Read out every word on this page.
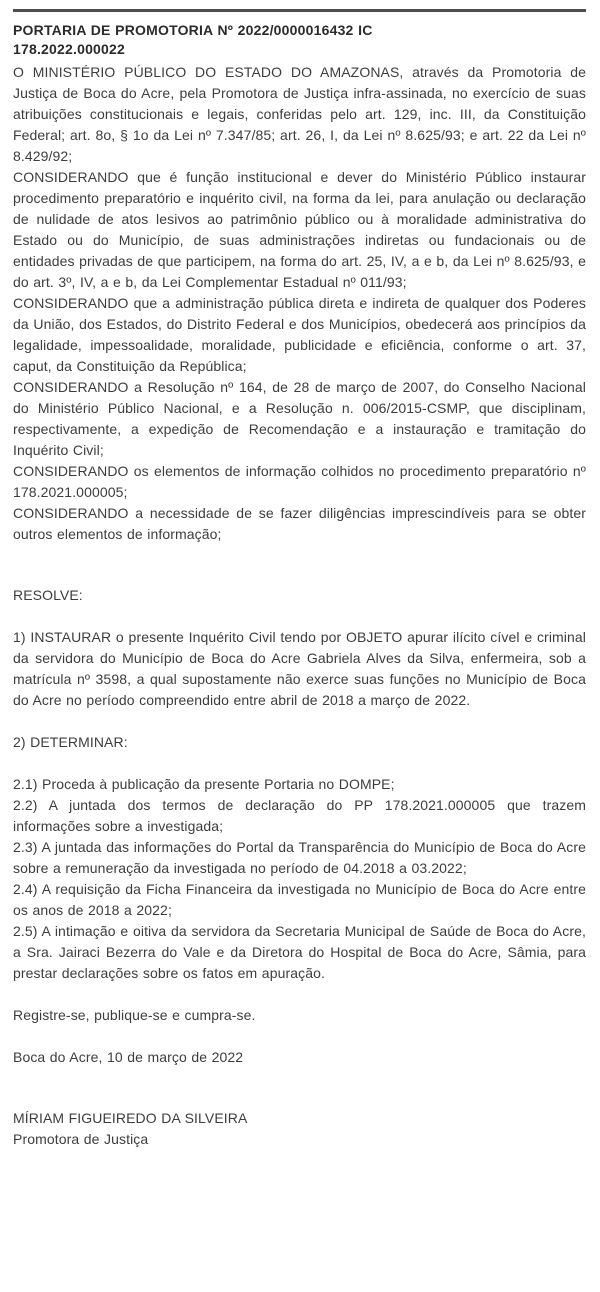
PORTARIA DE PROMOTORIA Nº 2022/0000016432 IC

178.2022.000022

O MINISTÉRIO PÚBLICO DO ESTADO DO AMAZONAS, através da Promotoria de Justiça de Boca do Acre, pela Promotora de Justiça infra-assinada, no exercício de suas atribuições constitucionais e legais, conferidas pelo art. 129, inc. III, da Constituição Federal; art. 8o, § 1o da Lei nº 7.347/85; art. 26, I, da Lei nº 8.625/93; e art. 22 da Lei nº 8.429/92;

CONSIDERANDO que é função institucional e dever do Ministério Público instaurar procedimento preparatório e inquérito civil, na forma da lei, para anulação ou declaração de nulidade de atos lesivos ao patrimônio público ou à moralidade administrativa do Estado ou do Município, de suas administrações indiretas ou fundacionais ou de entidades privadas de que participem, na forma do art. 25, IV, a e b, da Lei nº 8.625/93, e do art. 3º, IV, a e b, da Lei Complementar Estadual nº 011/93;

CONSIDERANDO que a administração pública direta e indireta de qualquer dos Poderes da União, dos Estados, do Distrito Federal e dos Municípios, obedecerá aos princípios da legalidade, impessoalidade, moralidade, publicidade e eficiência, conforme o art. 37, caput, da Constituição da República;

CONSIDERANDO a Resolução nº 164, de 28 de março de 2007, do Conselho Nacional do Ministério Público Nacional, e a Resolução n. 006/2015-CSMP, que disciplinam, respectivamente, a expedição de Recomendação e a instauração e tramitação do Inquérito Civil;

CONSIDERANDO os elementos de informação colhidos no procedimento preparatório nº 178.2021.000005;

CONSIDERANDO a necessidade de se fazer diligências imprescindíveis para se obter outros elementos de informação;

RESOLVE:

1) INSTAURAR o presente Inquérito Civil tendo por OBJETO apurar ilícito cível e criminal da servidora do Município de Boca do Acre Gabriela Alves da Silva, enfermeira, sob a matrícula nº 3598, a qual supostamente não exerce suas funções no Município de Boca do Acre no período compreendido entre abril de 2018 a março de 2022.

2) DETERMINAR:

2.1) Proceda à publicação da presente Portaria no DOMPE;

2.2) A juntada dos termos de declaração do PP 178.2021.000005 que trazem informações sobre a investigada;

2.3) A juntada das informações do Portal da Transparência do Município de Boca do Acre sobre a remuneração da investigada no período de 04.2018 a 03.2022;

2.4) A requisição da Ficha Financeira da investigada no Município de Boca do Acre entre os anos de 2018 a 2022;

2.5) A intimação e oitiva da servidora da Secretaria Municipal de Saúde de Boca do Acre, a Sra. Jairaci Bezerra do Vale e da Diretora do Hospital de Boca do Acre, Sâmia, para prestar declarações sobre os fatos em apuração.

Registre-se, publique-se e cumpra-se.

Boca do Acre, 10 de março de 2022

MÍRIAM FIGUEIREDO DA SILVEIRA

Promotora de Justiça
